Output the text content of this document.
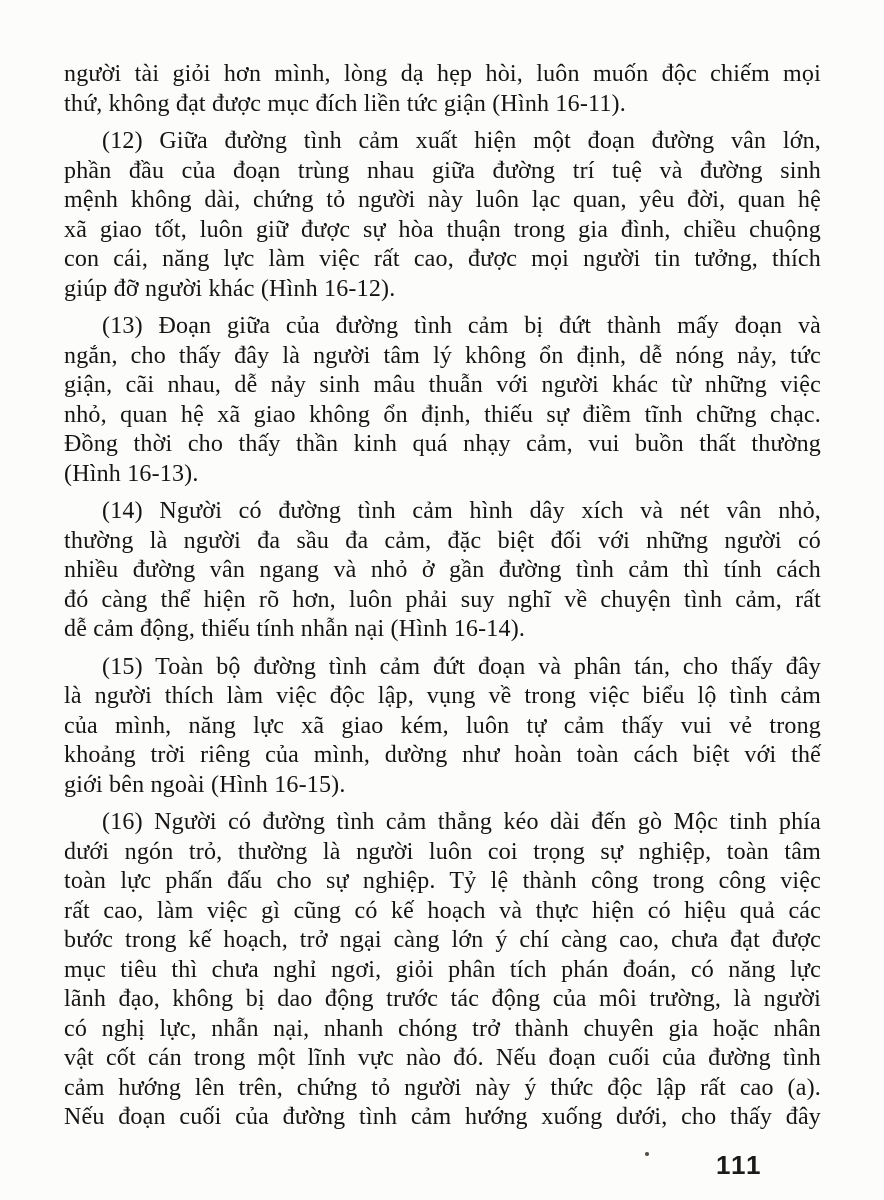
người tài giỏi hơn mình, lòng dạ hẹp hòi, luôn muốn độc chiếm mọi
thứ, không đạt được mục đích liền tức giận (Hình 16-11).

(12) Giữa đường tình cảm xuất hiện một đoạn đường vân lớn,
phần đầu của đoạn trùng nhau giữa đường trí tuệ và đường sinh
mệnh không dài, chứng tỏ người này luôn lạc quan, yêu đời, quan hệ
xã giao tốt, luôn giữ được sự hòa thuận trong gia đình, chiều chuộng
con cái, năng lực làm việc rất cao, được mọi người tin tưởng, thích
giúp đỡ người khác (Hình 16-12).

(13) Đoạn giữa của đường tình cảm bị đứt thành mấy đoạn và
ngắn, cho thấy đây là người tâm lý không ổn định, dễ nóng nảy, tức
giận, cãi nhau, dễ nảy sinh mâu thuẫn với người khác từ những việc
nhỏ, quan hệ xã giao không ổn định, thiếu sự điềm tĩnh chững chạc.
Đồng thời cho thấy thần kinh quá nhạy cảm, vui buồn thất thường
(Hình 16-13).

(14) Người có đường tình cảm hình dây xích và nét vân nhỏ,
thường là người đa sầu đa cảm, đặc biệt đối với những người có
nhiều đường vân ngang và nhỏ ở gần đường tình cảm thì tính cách
đó càng thể hiện rõ hơn, luôn phải suy nghĩ về chuyện tình cảm, rất
dễ cảm động, thiếu tính nhẫn nại (Hình 16-14).

(15) Toàn bộ đường tình cảm đứt đoạn và phân tán, cho thấy đây
là người thích làm việc độc lập, vụng về trong việc biểu lộ tình cảm
của mình, năng lực xã giao kém, luôn tự cảm thấy vui vẻ trong
khoảng trời riêng của mình, dường như hoàn toàn cách biệt với thế
giới bên ngoài (Hình 16-15).

(16) Người có đường tình cảm thẳng kéo dài đến gò Mộc tinh phía
dưới ngón trỏ, thường là người luôn coi trọng sự nghiệp, toàn tâm
toàn lực phấn đấu cho sự nghiệp. Tỷ lệ thành công trong công việc
rất cao, làm việc gì cũng có kế hoạch và thực hiện có hiệu quả các
bước trong kế hoạch, trở ngại càng lớn ý chí càng cao, chưa đạt được
mục tiêu thì chưa nghỉ ngơi, giỏi phân tích phán đoán, có năng lực
lãnh đạo, không bị dao động trước tác động của môi trường, là người
có nghị lực, nhẫn nại, nhanh chóng trở thành chuyên gia hoặc nhân
vật cốt cán trong một lĩnh vực nào đó. Nếu đoạn cuối của đường tình
cảm hướng lên trên, chứng tỏ người này ý thức độc lập rất cao (a).
Nếu đoạn cuối của đường tình cảm hướng xuống dưới, cho thấy đây

111
